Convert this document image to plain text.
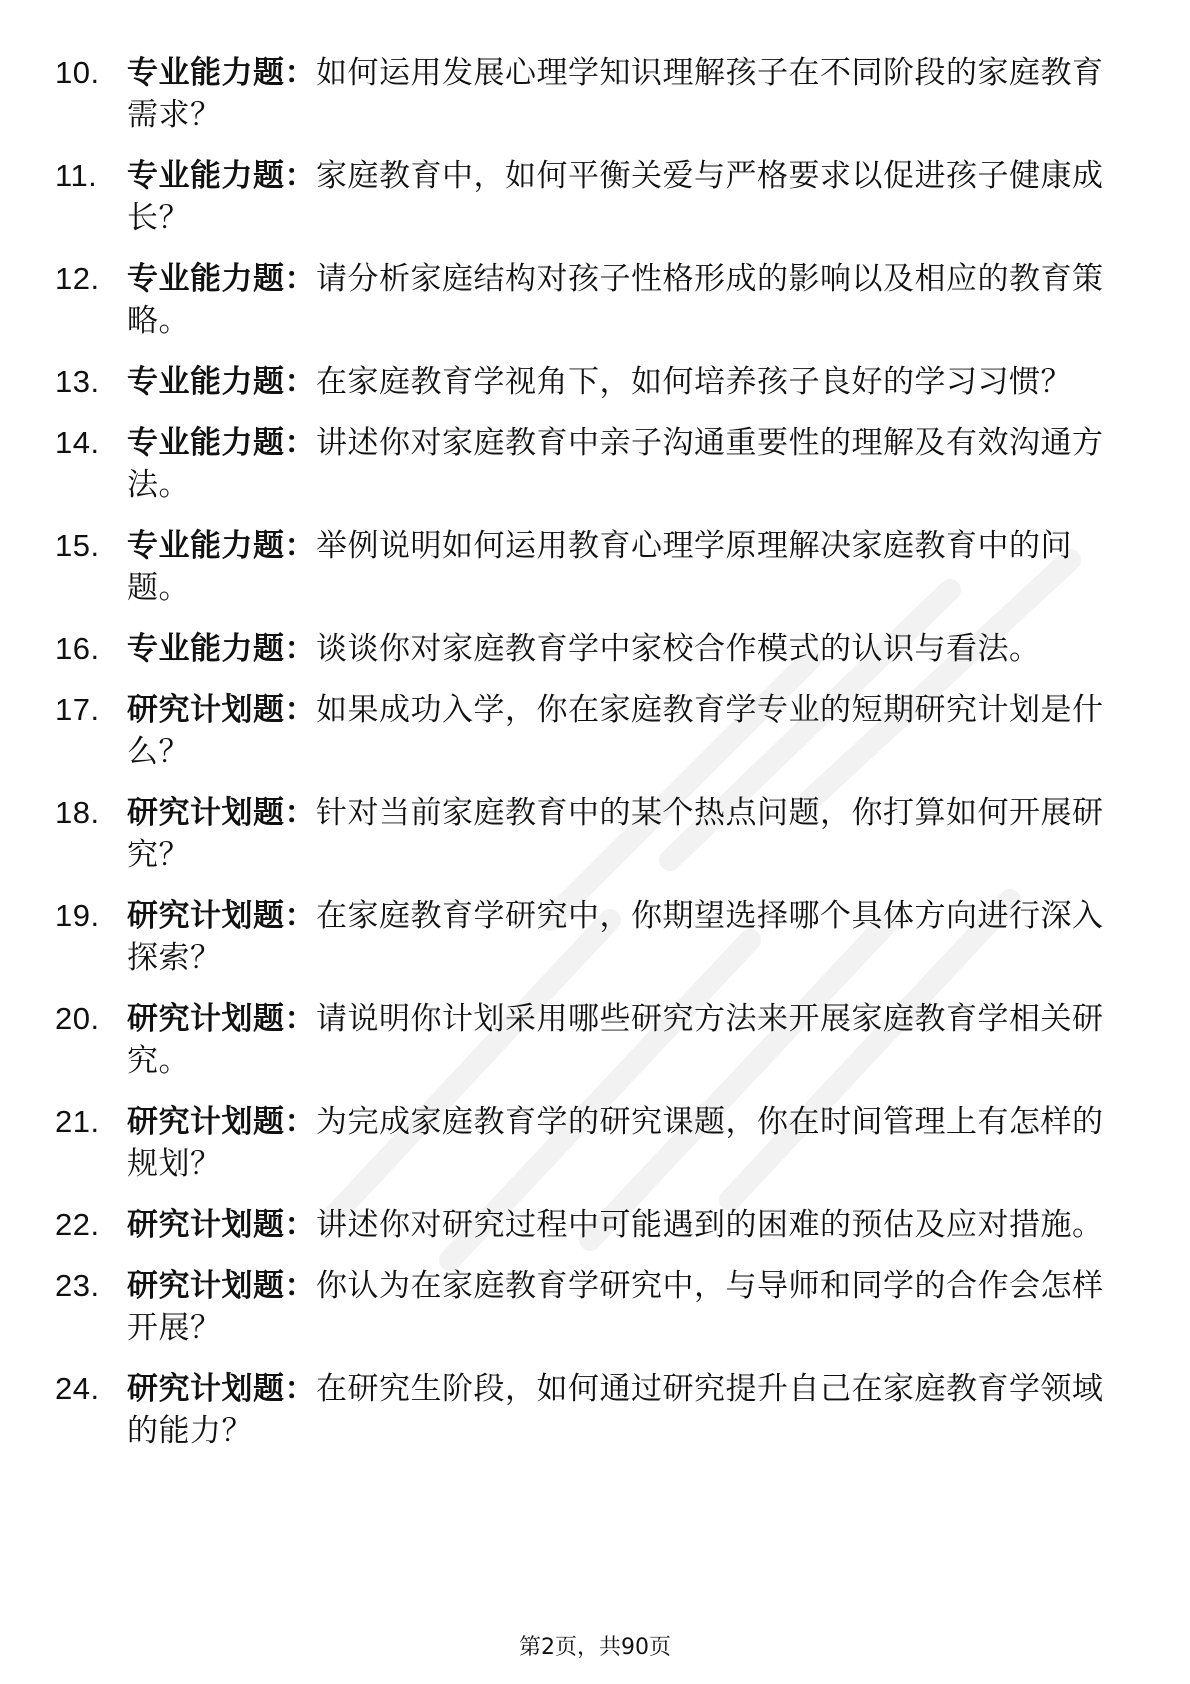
10. 专业能力题：如何运用发展心理学知识理解孩子在不同阶段的家庭教育需求？
11. 专业能力题：家庭教育中，如何平衡关爱与严格要求以促进孩子健康成长？
12. 专业能力题：请分析家庭结构对孩子性格形成的影响以及相应的教育策略。
13. 专业能力题：在家庭教育学视角下，如何培养孩子良好的学习习惯？
14. 专业能力题：讲述你对家庭教育中亲子沟通重要性的理解及有效沟通方法。
15. 专业能力题：举例说明如何运用教育心理学原理解决家庭教育中的问题。
16. 专业能力题：谈谈你对家庭教育学中家校合作模式的认识与看法。
17. 研究计划题：如果成功入学，你在家庭教育学专业的短期研究计划是什么？
18. 研究计划题：针对当前家庭教育中的某个热点问题，你打算如何开展研究？
19. 研究计划题：在家庭教育学研究中，你期望选择哪个具体方向进行深入探索？
20. 研究计划题：请说明你计划采用哪些研究方法来开展家庭教育学相关研究。
21. 研究计划题：为完成家庭教育学的研究课题，你在时间管理上有怎样的规划？
22. 研究计划题：讲述你对研究过程中可能遇到的困难的预估及应对措施。
23. 研究计划题：你认为在家庭教育学研究中，与导师和同学的合作会怎样开展？
24. 研究计划题：在研究生阶段，如何通过研究提升自己在家庭教育学领域的能力？
第2页，共90页
